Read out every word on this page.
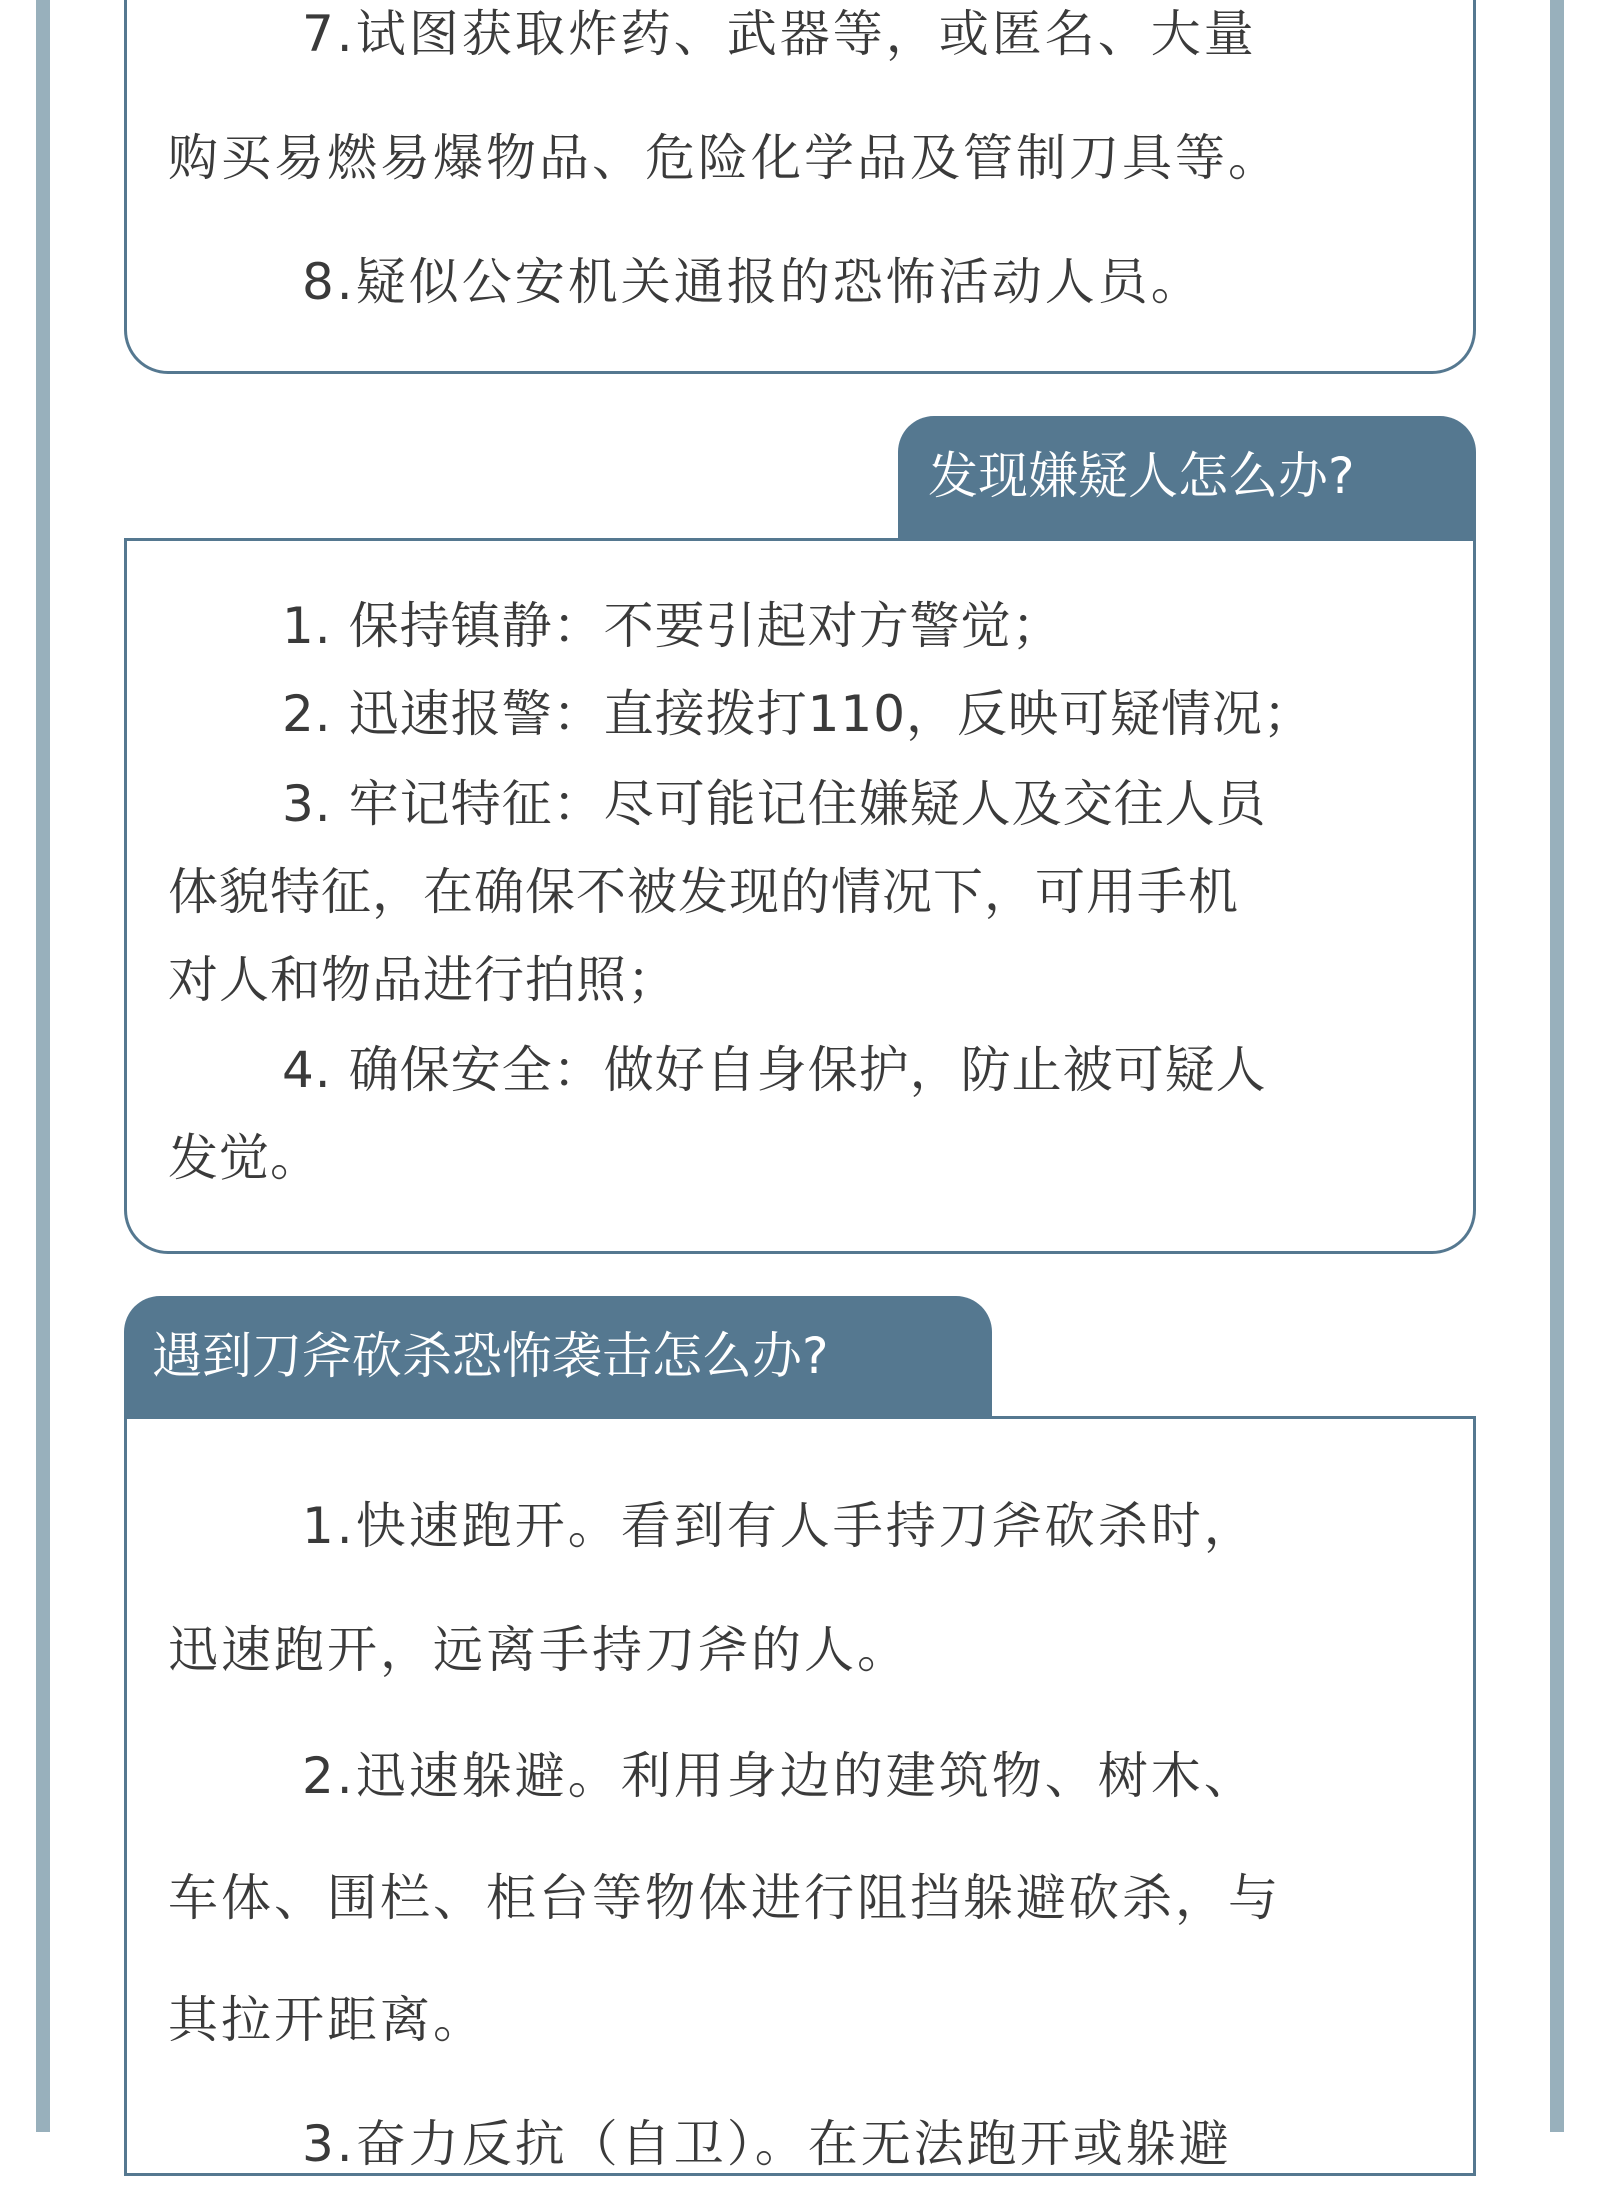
7.试图获取炸药、武器等，或匿名、大量

购买易燃易爆物品、危险化学品及管制刀具等。

8.疑似公安机关通报的恐怖活动人员。

发现嫌疑人怎么办?

1. 保持镇静：不要引起对方警觉；

2. 迅速报警：直接拨打110，反映可疑情况；

3. 牢记特征：尽可能记住嫌疑人及交往人员

体貌特征，在确保不被发现的情况下，可用手机

对人和物品进行拍照；

4. 确保安全：做好自身保护，防止被可疑人

发觉。

遇到刀斧砍杀恐怖袭击怎么办?

1.快速跑开。看到有人手持刀斧砍杀时，

迅速跑开，远离手持刀斧的人。

2.迅速躲避。利用身边的建筑物、树木、

车体、围栏、柜台等物体进行阻挡躲避砍杀，与

其拉开距离。

3.奋力反抗（自卫）。在无法跑开或躲避
